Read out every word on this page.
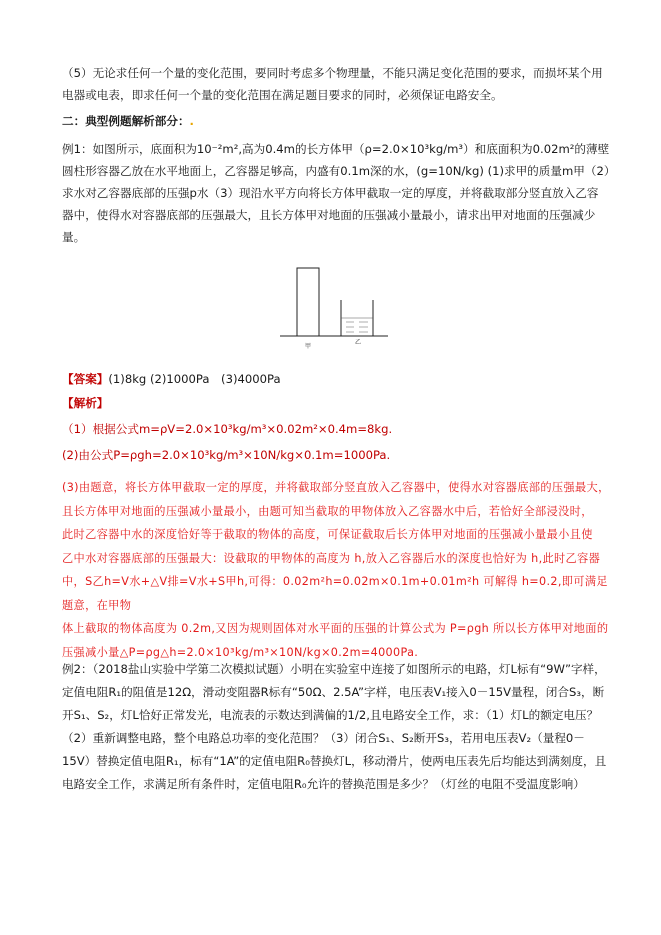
（5）无论求任何一个量的变化范围，要同时考虑多个物理量，不能只满足变化范围的要求，而损坏某个用电器或电表，即求任何一个量的变化范围在满足题目要求的同时，必须保证电路安全。

二：典型例题解析部分：.

例1：如图所示，底面积为10⁻²m²,高为0.4m的长方体甲（ρ=2.0×10³kg/m³）和底面积为0.02m²的薄壁圆柱形容器乙放在水平地面上，乙容器足够高，内盛有0.1m深的水，(g=10N/kg) (1)求甲的质量m甲（2）求水对乙容器底部的压强p水（3）现沿水平方向将长方体甲截取一定的厚度，并将截取部分竖直放入乙容器中，使得水对容器底部的压强最大，且长方体甲对地面的压强减小量最小，请求出甲对地面的压强减少量。

甲
乙

【答案】(1)8kg (2)1000Pa　(3)4000Pa

【解析】

（1）根据公式m=ρV=2.0×10³kg/m³×0.02m²×0.4m=8kg.

(2)由公式P=ρgh=2.0×10³kg/m³×10N/kg×0.1m=1000Pa.

(3)由题意，将长方体甲截取一定的厚度，并将截取部分竖直放入乙容器中，使得水对容器底部的压强最大，

且长方体甲对地面的压强减小量最小，由题可知当截取的甲物体放入乙容器水中后，若恰好全部浸没时，

此时乙容器中水的深度恰好等于截取的物体的高度，可保证截取后长方体甲对地面的压强减小量最小且使

乙中水对容器底部的压强最大：设截取的甲物体的高度为 h,放入乙容器后水的深度也恰好为 h,此时乙容器

中，S乙h=V水+△V排=V水+S甲h,可得：0.02m²h=0.02m×0.1m+0.01m²h 可解得 h=0.2,即可满足题意，在甲物

体上截取的物体高度为 0.2m,又因为规则固体对水平面的压强的计算公式为 P=ρgh 所以长方体甲对地面的

压强减小量△P=ρg△h=2.0×10³kg/m³×10N/kg×0.2m=4000Pa.

例2：（2018盐山实验中学第二次模拟试题）小明在实验室中连接了如图所示的电路，灯L标有“9W”字样，定值电阻R₁的阻值是12Ω，滑动变阻器R标有“50Ω、2.5A”字样，电压表V₁接入0－15V量程，闭合S₃，断开S₁、S₂，灯L恰好正常发光，电流表的示数达到满偏的1/2,且电路安全工作，求：（1）灯L的额定电压？（2）重新调整电路，整个电路总功率的变化范围？（3）闭合S₁、S₂断开S₃，若用电压表V₂（量程0－15V）替换定值电阻R₁，标有“1A”的定值电阻R₀替换灯L，移动滑片，使两电压表先后均能达到满刻度，且电路安全工作，求满足所有条件时，定值电阻R₀允许的替换范围是多少？（灯丝的电阻不受温度影响）
